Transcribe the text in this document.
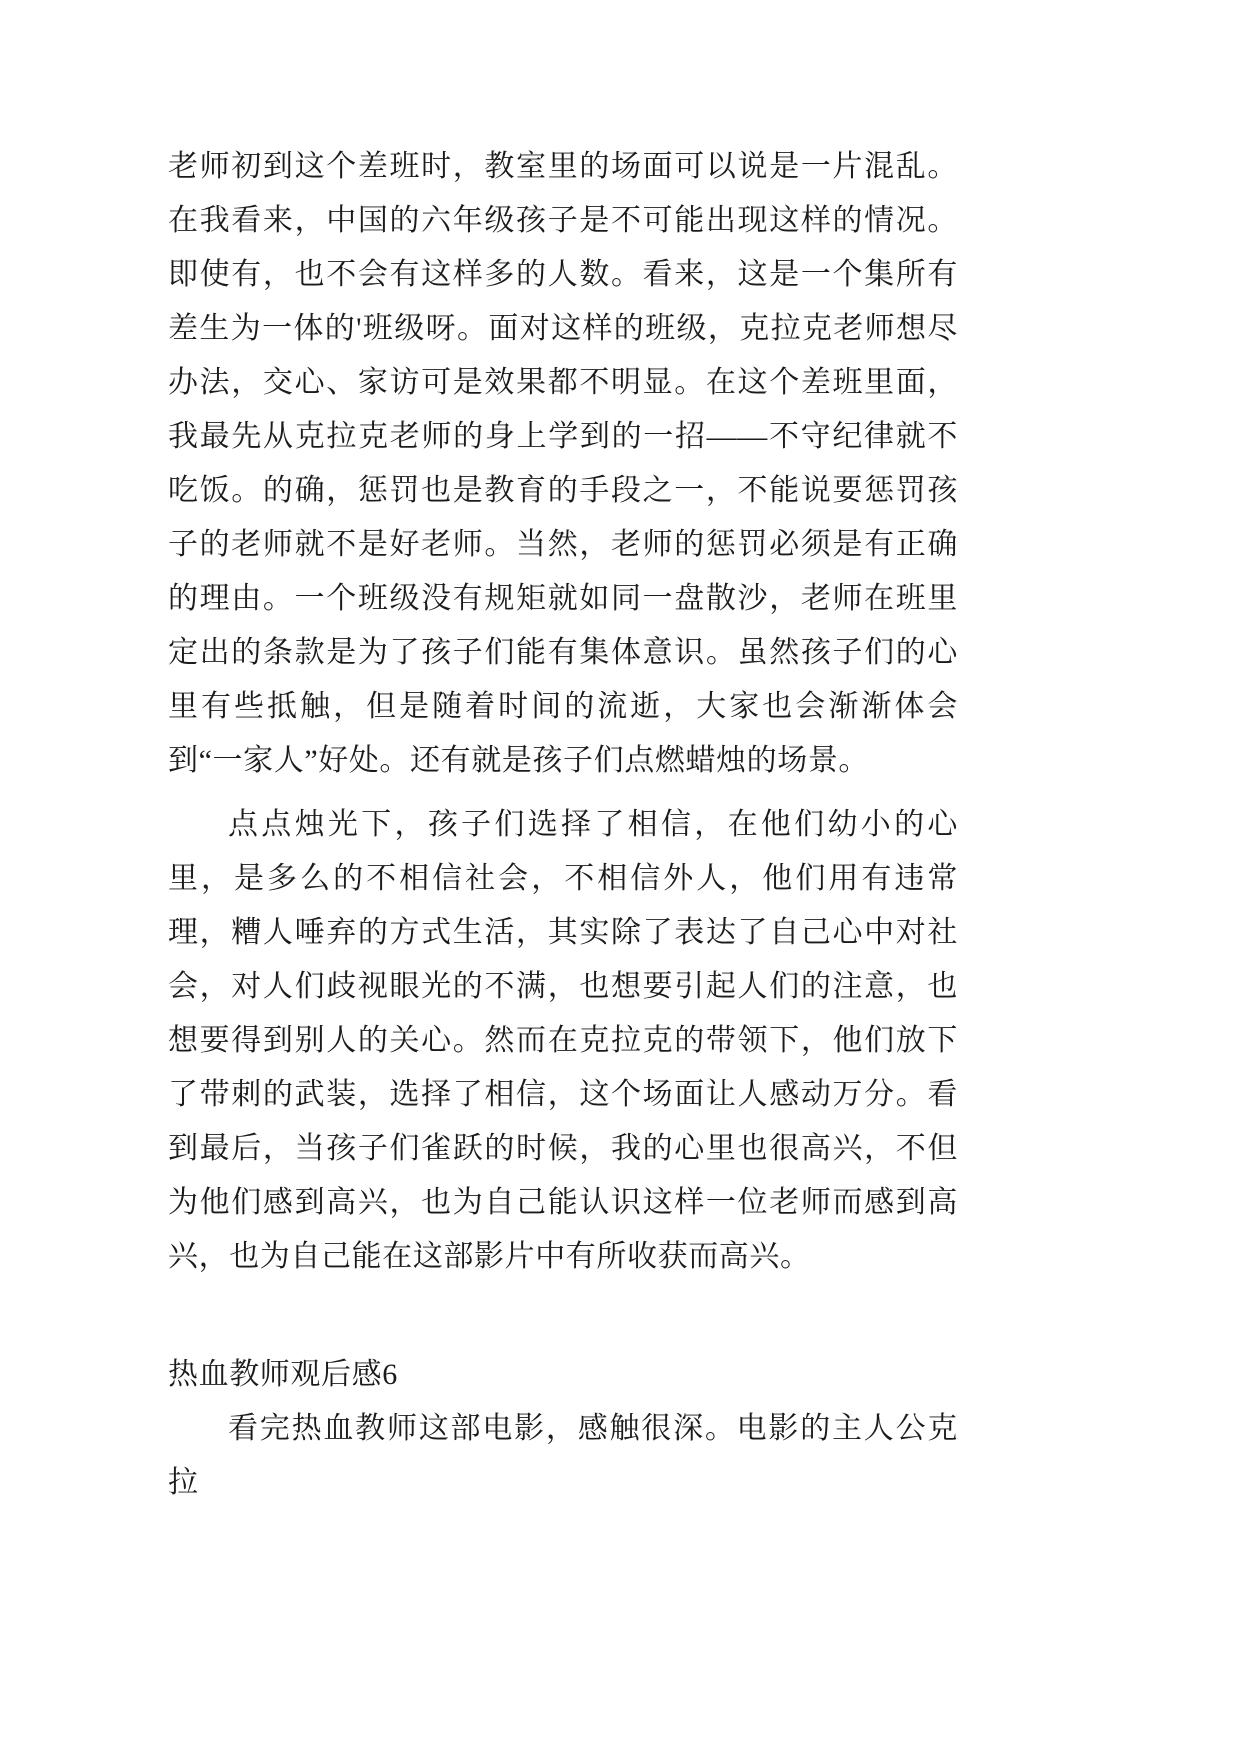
老师初到这个差班时，教室里的场面可以说是一片混乱。在我看来，中国的六年级孩子是不可能出现这样的情况。即使有，也不会有这样多的人数。看来，这是一个集所有差生为一体的'班级呀。面对这样的班级，克拉克老师想尽办法，交心、家访可是效果都不明显。在这个差班里面，我最先从克拉克老师的身上学到的一招——不守纪律就不吃饭。的确，惩罚也是教育的手段之一，不能说要惩罚孩子的老师就不是好老师。当然，老师的惩罚必须是有正确的理由。一个班级没有规矩就如同一盘散沙，老师在班里定出的条款是为了孩子们能有集体意识。虽然孩子们的心里有些抵触，但是随着时间的流逝，大家也会渐渐体会到“一家人”好处。还有就是孩子们点燃蜡烛的场景。

点点烛光下，孩子们选择了相信，在他们幼小的心里，是多么的不相信社会，不相信外人，他们用有违常理，糟人唾弃的方式生活，其实除了表达了自己心中对社会，对人们歧视眼光的不满，也想要引起人们的注意，也想要得到别人的关心。然而在克拉克的带领下，他们放下了带刺的武装，选择了相信，这个场面让人感动万分。看到最后，当孩子们雀跃的时候，我的心里也很高兴，不但为他们感到高兴，也为自己能认识这样一位老师而感到高兴，也为自己能在这部影片中有所收获而高兴。

热血教师观后感6

看完热血教师这部电影，感触很深。电影的主人公克拉
